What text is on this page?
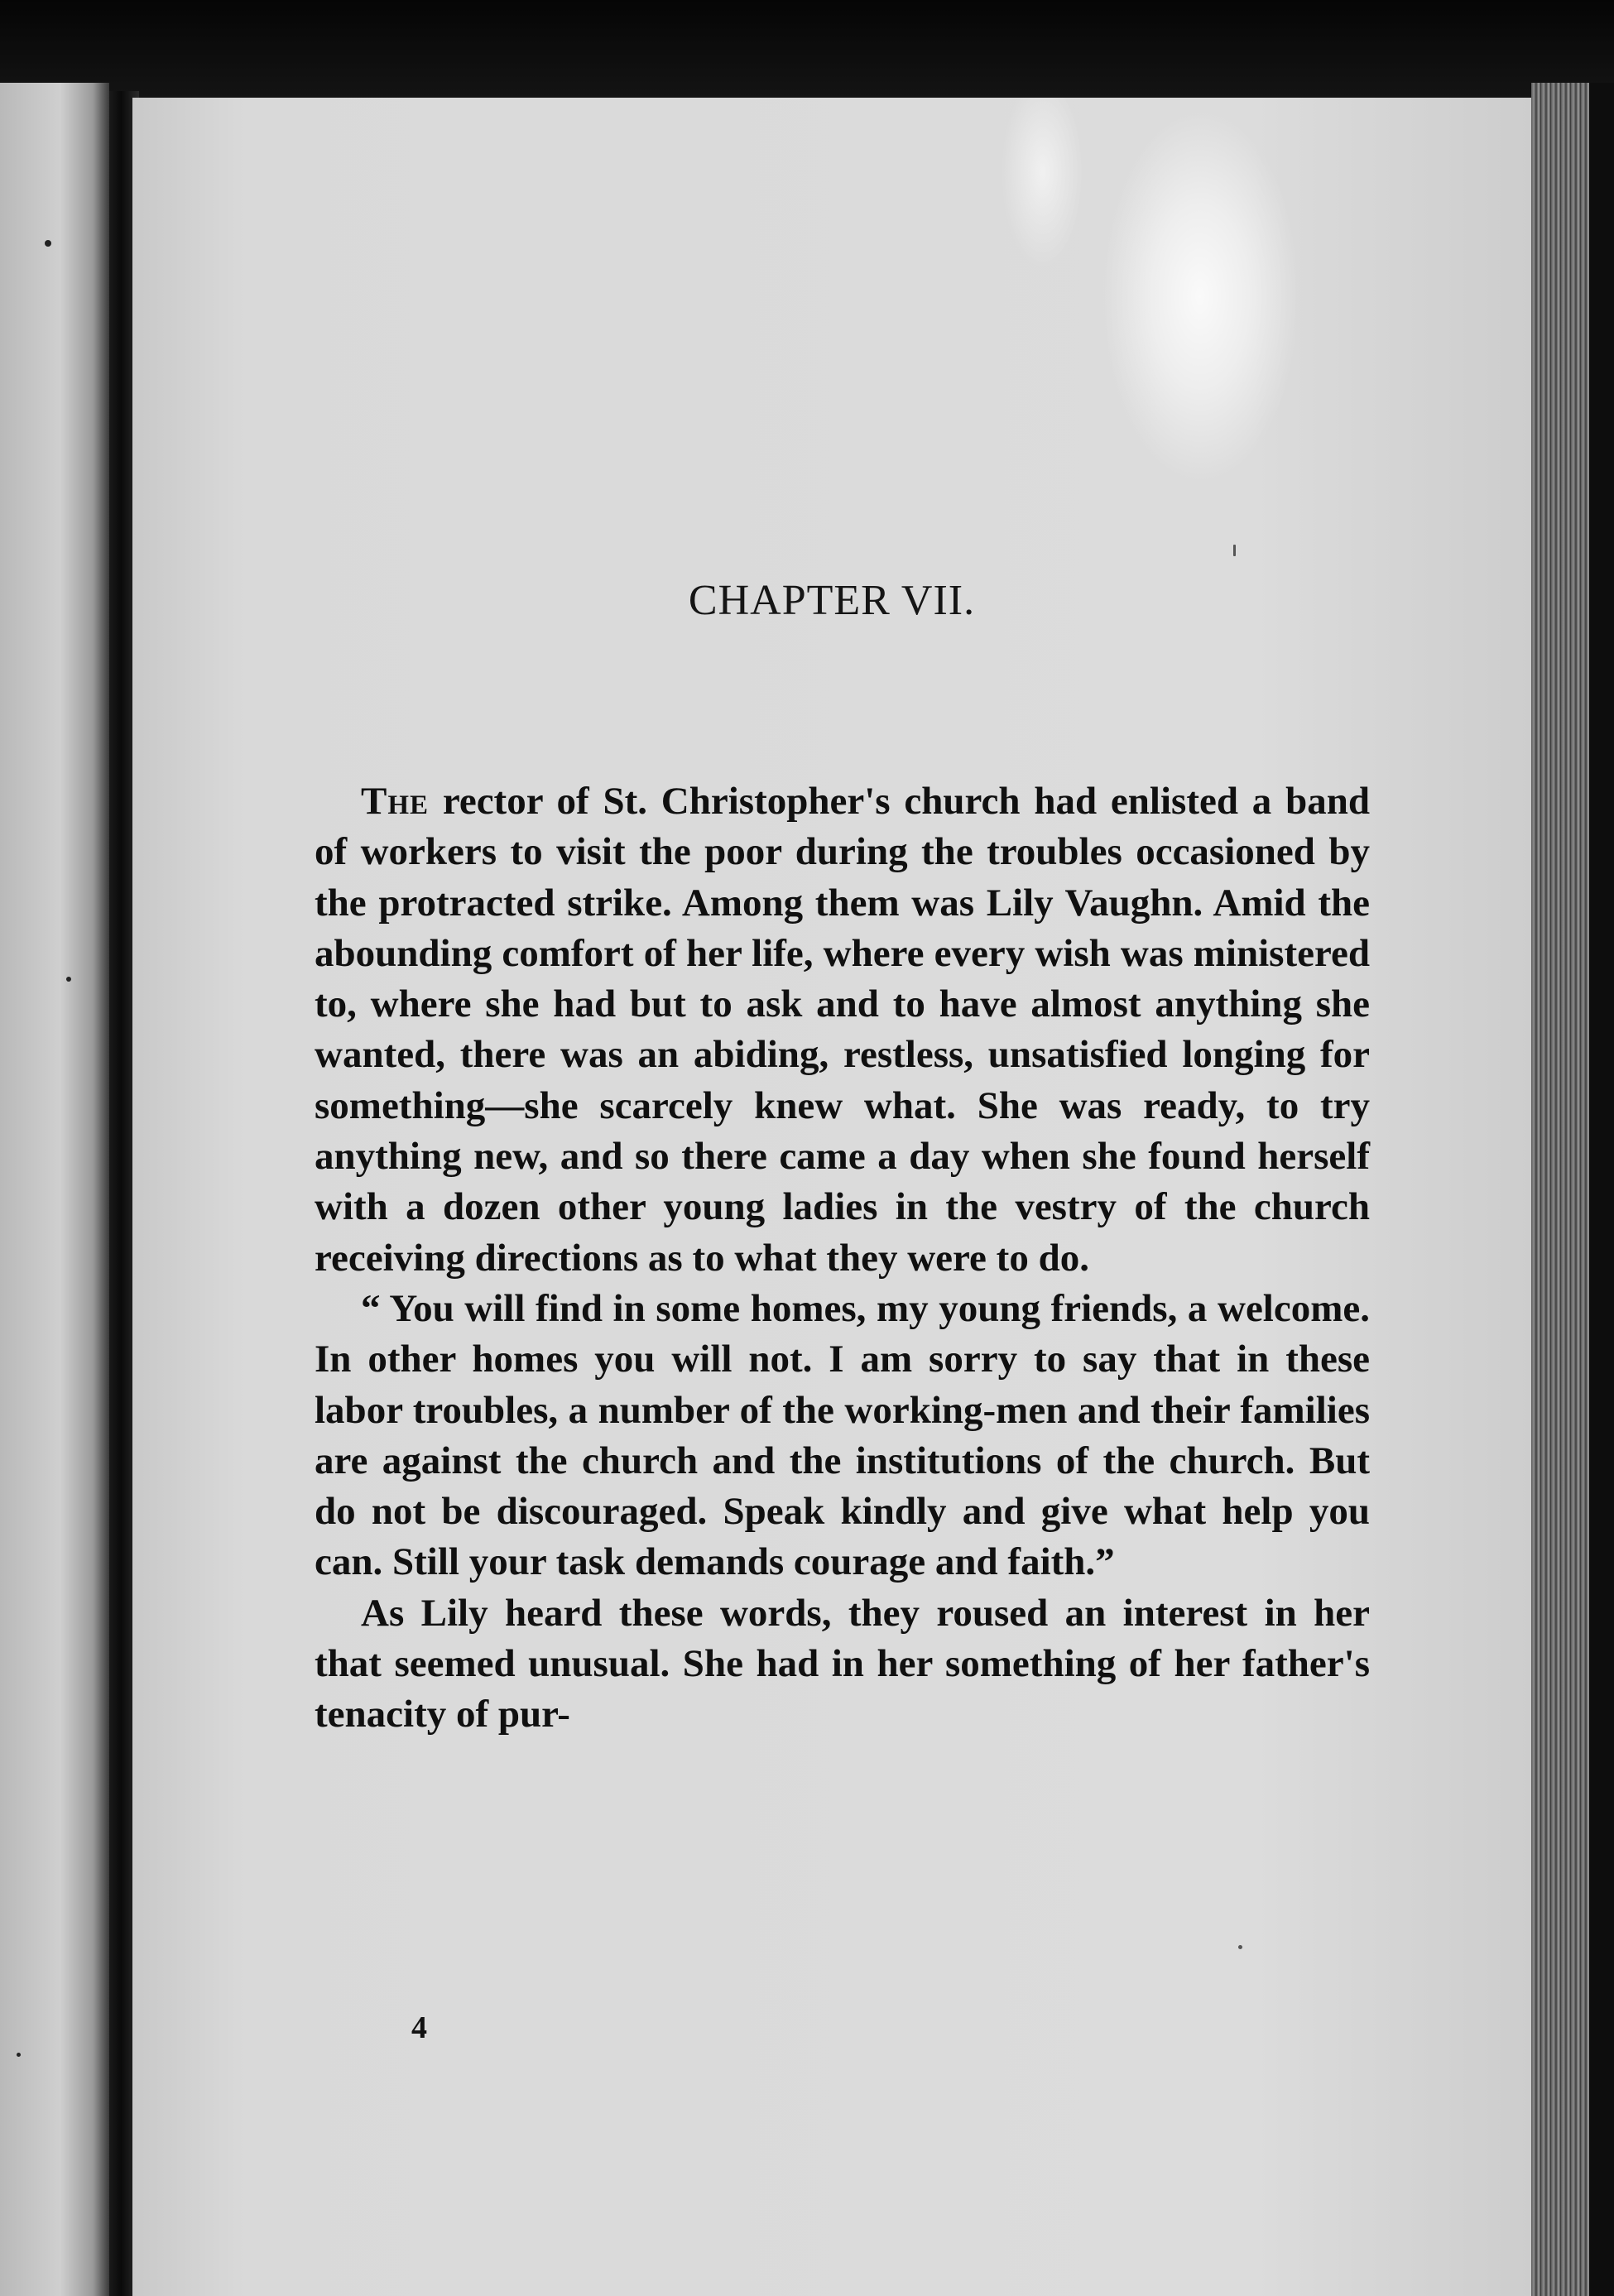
CHAPTER VII.

The rector of St. Christopher's church had enlisted a band of workers to visit the poor during the troubles occasioned by the protracted strike. Among them was Lily Vaughn. Amid the abounding comfort of her life, where every wish was ministered to, where she had but to ask and to have almost anything she wanted, there was an abiding, restless, unsatisfied longing for something—she scarcely knew what. She was ready, to try anything new, and so there came a day when she found herself with a dozen other young ladies in the vestry of the church receiving directions as to what they were to do.

“ You will find in some homes, my young friends, a welcome. In other homes you will not. I am sorry to say that in these labor troubles, a number of the working-men and their families are against the church and the institutions of the church. But do not be discouraged. Speak kindly and give what help you can. Still your task demands courage and faith.”

As Lily heard these words, they roused an interest in her that seemed unusual. She had in her something of her father's tenacity of pur-

4
